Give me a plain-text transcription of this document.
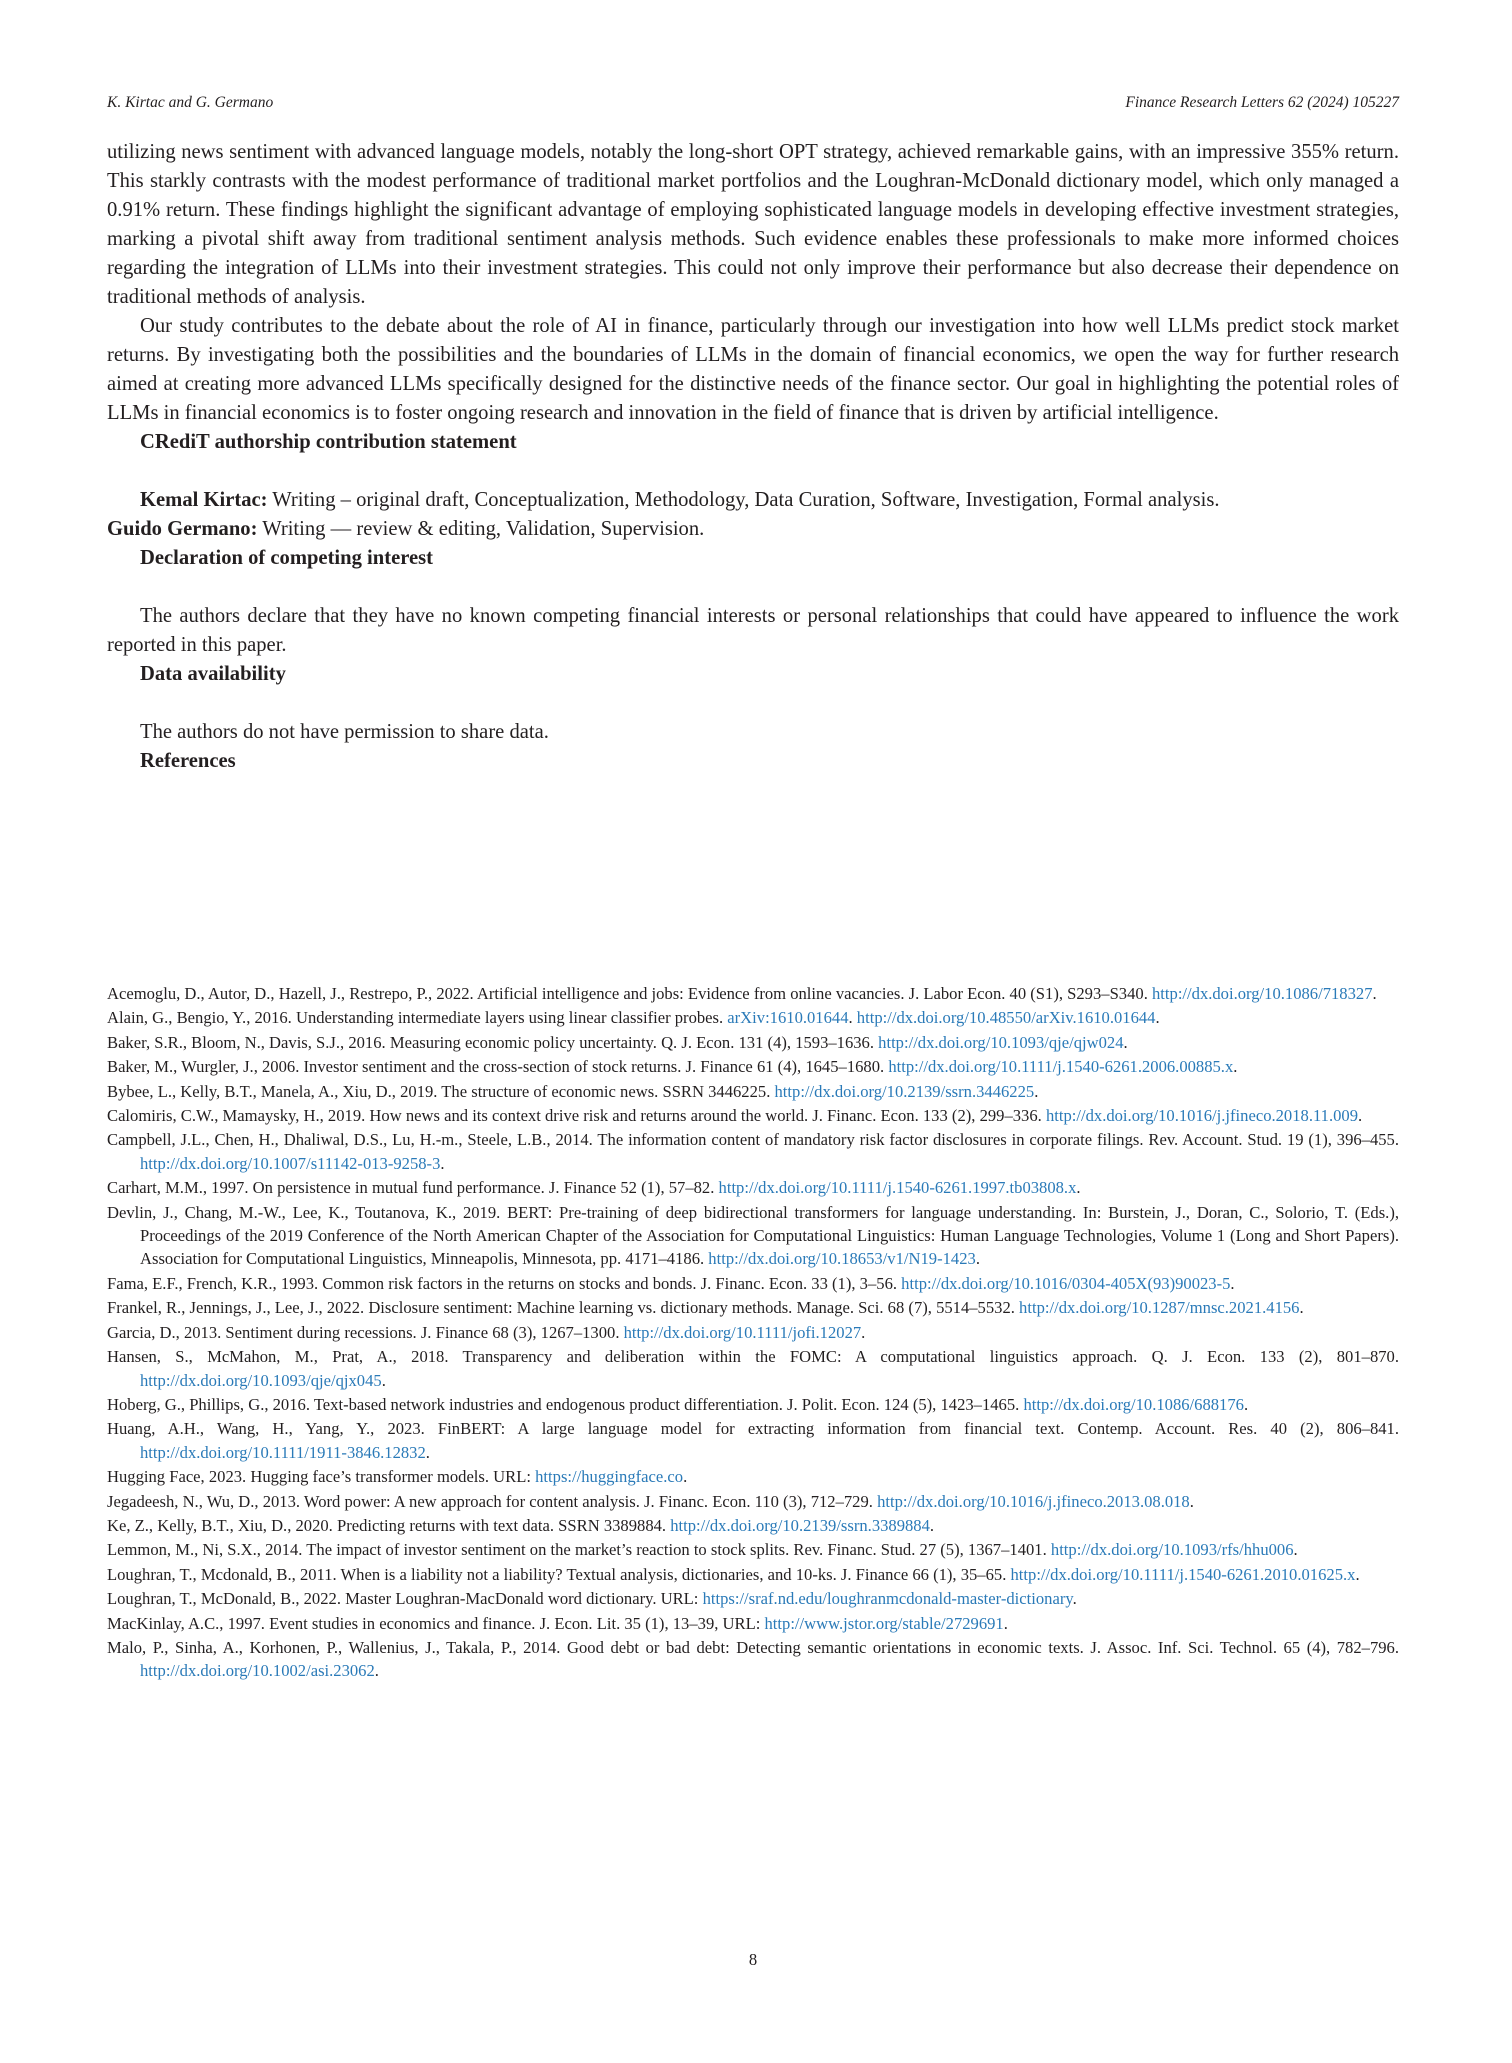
K. Kirtac and G. Germano	Finance Research Letters 62 (2024) 105227

utilizing news sentiment with advanced language models, notably the long-short OPT strategy, achieved remarkable gains, with an impressive 355% return. This starkly contrasts with the modest performance of traditional market portfolios and the Loughran-McDonald dictionary model, which only managed a 0.91% return. These findings highlight the significant advantage of employing sophisticated language models in developing effective investment strategies, marking a pivotal shift away from traditional sentiment analysis methods. Such evidence enables these professionals to make more informed choices regarding the integration of LLMs into their investment strategies. This could not only improve their performance but also decrease their dependence on traditional methods of analysis.

Our study contributes to the debate about the role of AI in finance, particularly through our investigation into how well LLMs predict stock market returns. By investigating both the possibilities and the boundaries of LLMs in the domain of financial economics, we open the way for further research aimed at creating more advanced LLMs specifically designed for the distinctive needs of the finance sector. Our goal in highlighting the potential roles of LLMs in financial economics is to foster ongoing research and innovation in the field of finance that is driven by artificial intelligence.

CRediT authorship contribution statement

Kemal Kirtac: Writing – original draft, Conceptualization, Methodology, Data Curation, Software, Investigation, Formal analysis.

Guido Germano: Writing — review & editing, Validation, Supervision.

Declaration of competing interest

The authors declare that they have no known competing financial interests or personal relationships that could have appeared to influence the work reported in this paper.

Data availability

The authors do not have permission to share data.

References

Acemoglu, D., Autor, D., Hazell, J., Restrepo, P., 2022. Artificial intelligence and jobs: Evidence from online vacancies. J. Labor Econ. 40 (S1), S293–S340. http://dx.doi.org/10.1086/718327.

Alain, G., Bengio, Y., 2016. Understanding intermediate layers using linear classifier probes. arXiv:1610.01644. http://dx.doi.org/10.48550/arXiv.1610.01644.

Baker, S.R., Bloom, N., Davis, S.J., 2016. Measuring economic policy uncertainty. Q. J. Econ. 131 (4), 1593–1636. http://dx.doi.org/10.1093/qje/qjw024.

Baker, M., Wurgler, J., 2006. Investor sentiment and the cross-section of stock returns. J. Finance 61 (4), 1645–1680. http://dx.doi.org/10.1111/j.1540-6261.2006.00885.x.

Bybee, L., Kelly, B.T., Manela, A., Xiu, D., 2019. The structure of economic news. SSRN 3446225. http://dx.doi.org/10.2139/ssrn.3446225.

Calomiris, C.W., Mamaysky, H., 2019. How news and its context drive risk and returns around the world. J. Financ. Econ. 133 (2), 299–336. http://dx.doi.org/10.1016/j.jfineco.2018.11.009.

Campbell, J.L., Chen, H., Dhaliwal, D.S., Lu, H.-m., Steele, L.B., 2014. The information content of mandatory risk factor disclosures in corporate filings. Rev. Account. Stud. 19 (1), 396–455. http://dx.doi.org/10.1007/s11142-013-9258-3.

Carhart, M.M., 1997. On persistence in mutual fund performance. J. Finance 52 (1), 57–82. http://dx.doi.org/10.1111/j.1540-6261.1997.tb03808.x.

Devlin, J., Chang, M.-W., Lee, K., Toutanova, K., 2019. BERT: Pre-training of deep bidirectional transformers for language understanding. In: Burstein, J., Doran, C., Solorio, T. (Eds.), Proceedings of the 2019 Conference of the North American Chapter of the Association for Computational Linguistics: Human Language Technologies, Volume 1 (Long and Short Papers). Association for Computational Linguistics, Minneapolis, Minnesota, pp. 4171–4186. http://dx.doi.org/10.18653/v1/N19-1423.

Fama, E.F., French, K.R., 1993. Common risk factors in the returns on stocks and bonds. J. Financ. Econ. 33 (1), 3–56. http://dx.doi.org/10.1016/0304-405X(93)90023-5.

Frankel, R., Jennings, J., Lee, J., 2022. Disclosure sentiment: Machine learning vs. dictionary methods. Manage. Sci. 68 (7), 5514–5532. http://dx.doi.org/10.1287/mnsc.2021.4156.

Garcia, D., 2013. Sentiment during recessions. J. Finance 68 (3), 1267–1300. http://dx.doi.org/10.1111/jofi.12027.

Hansen, S., McMahon, M., Prat, A., 2018. Transparency and deliberation within the FOMC: A computational linguistics approach. Q. J. Econ. 133 (2), 801–870. http://dx.doi.org/10.1093/qje/qjx045.

Hoberg, G., Phillips, G., 2016. Text-based network industries and endogenous product differentiation. J. Polit. Econ. 124 (5), 1423–1465. http://dx.doi.org/10.1086/688176.

Huang, A.H., Wang, H., Yang, Y., 2023. FinBERT: A large language model for extracting information from financial text. Contemp. Account. Res. 40 (2), 806–841. http://dx.doi.org/10.1111/1911-3846.12832.

Hugging Face, 2023. Hugging face’s transformer models. URL: https://huggingface.co.

Jegadeesh, N., Wu, D., 2013. Word power: A new approach for content analysis. J. Financ. Econ. 110 (3), 712–729. http://dx.doi.org/10.1016/j.jfineco.2013.08.018.

Ke, Z., Kelly, B.T., Xiu, D., 2020. Predicting returns with text data. SSRN 3389884. http://dx.doi.org/10.2139/ssrn.3389884.

Lemmon, M., Ni, S.X., 2014. The impact of investor sentiment on the market’s reaction to stock splits. Rev. Financ. Stud. 27 (5), 1367–1401. http://dx.doi.org/10.1093/rfs/hhu006.

Loughran, T., Mcdonald, B., 2011. When is a liability not a liability? Textual analysis, dictionaries, and 10-ks. J. Finance 66 (1), 35–65. http://dx.doi.org/10.1111/j.1540-6261.2010.01625.x.

Loughran, T., McDonald, B., 2022. Master Loughran-MacDonald word dictionary. URL: https://sraf.nd.edu/loughranmcdonald-master-dictionary.

MacKinlay, A.C., 1997. Event studies in economics and finance. J. Econ. Lit. 35 (1), 13–39, URL: http://www.jstor.org/stable/2729691.

Malo, P., Sinha, A., Korhonen, P., Wallenius, J., Takala, P., 2014. Good debt or bad debt: Detecting semantic orientations in economic texts. J. Assoc. Inf. Sci. Technol. 65 (4), 782–796. http://dx.doi.org/10.1002/asi.23062.

8
